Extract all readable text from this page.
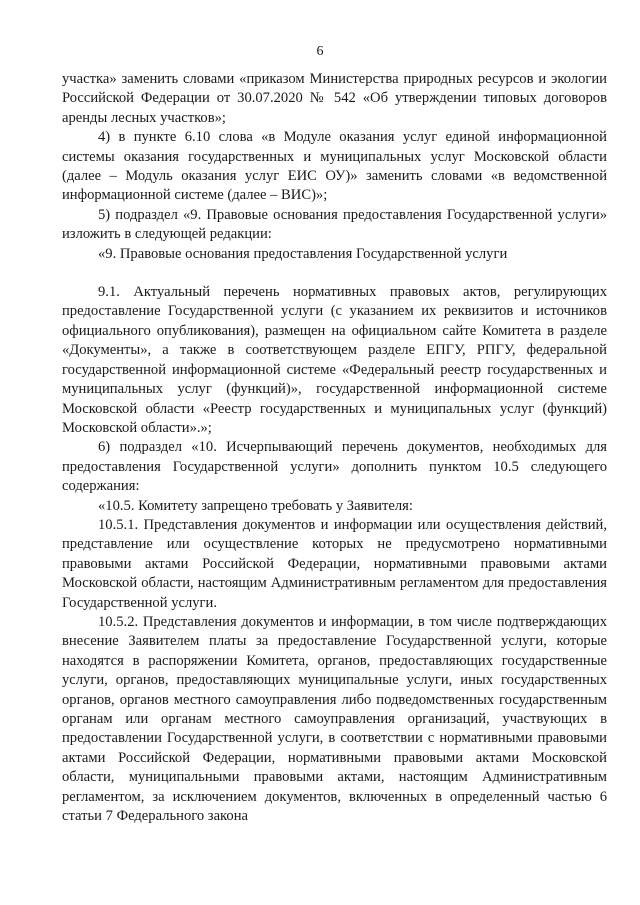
6

участка» заменить словами «приказом Министерства природных ресурсов и экологии Российской Федерации от 30.07.2020 № 542 «Об утверждении типовых договоров аренды лесных участков»;

4) в пункте 6.10 слова «в Модуле оказания услуг единой информационной системы оказания государственных и муниципальных услуг Московской области (далее – Модуль оказания услуг ЕИС ОУ)» заменить словами «в ведомственной информационной системе (далее – ВИС)»;

5) подраздел «9. Правовые основания предоставления Государственной услуги» изложить в следующей редакции:

«9. Правовые основания предоставления Государственной услуги

9.1. Актуальный перечень нормативных правовых актов, регулирующих предоставление Государственной услуги (с указанием их реквизитов и источников официального опубликования), размещен на официальном сайте Комитета в разделе «Документы», а также в соответствующем разделе ЕПГУ, РПГУ, федеральной государственной информационной системе «Федеральный реестр государственных и муниципальных услуг (функций)», государственной информационной системе Московской области «Реестр государственных и муниципальных услуг (функций) Московской области».»;

6) подраздел «10. Исчерпывающий перечень документов, необходимых для предоставления Государственной услуги» дополнить пунктом 10.5 следующего содержания:

«10.5. Комитету запрещено требовать у Заявителя:

10.5.1. Представления документов и информации или осуществления действий, представление или осуществление которых не предусмотрено нормативными правовыми актами Российской Федерации, нормативными правовыми актами Московской области, настоящим Административным регламентом для предоставления Государственной услуги.

10.5.2. Представления документов и информации, в том числе подтверждающих внесение Заявителем платы за предоставление Государственной услуги, которые находятся в распоряжении Комитета, органов, предоставляющих государственные услуги, органов, предоставляющих муниципальные услуги, иных государственных органов, органов местного самоуправления либо подведомственных государственным органам или органам местного самоуправления организаций, участвующих в предоставлении Государственной услуги, в соответствии с нормативными правовыми актами Российской Федерации, нормативными правовыми актами Московской области, муниципальными правовыми актами, настоящим Административным регламентом, за исключением документов, включенных в определенный частью 6 статьи 7 Федерального закона
